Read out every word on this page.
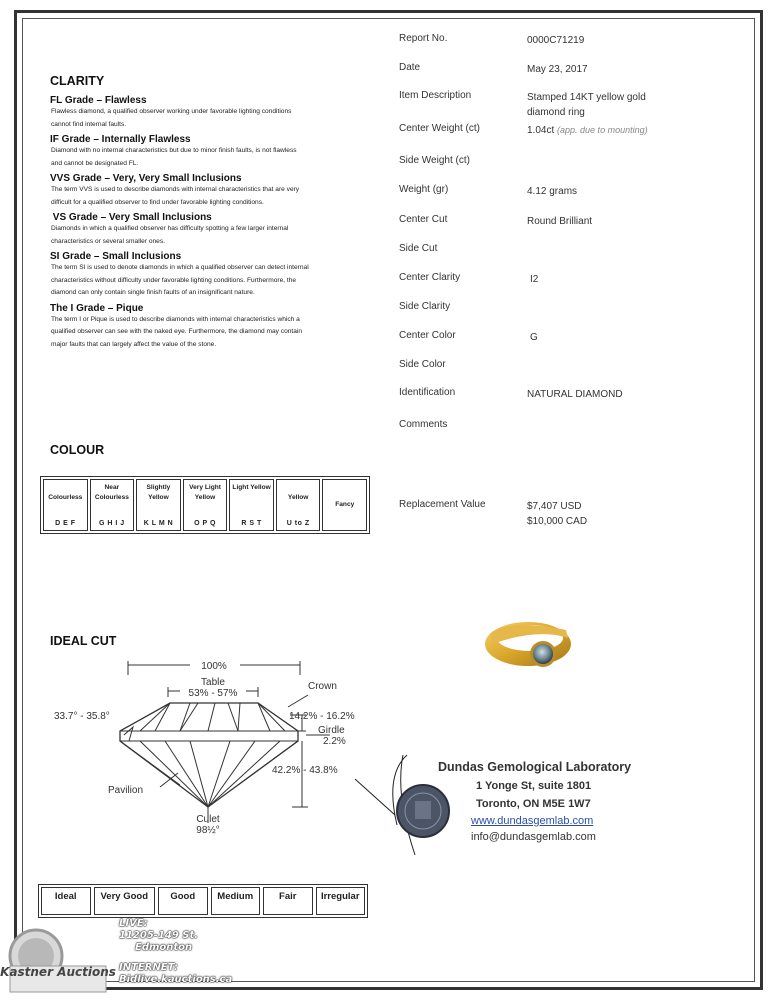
CLARITY
FL Grade – Flawless
Flawless diamond, a qualified observer working under favorable lighting conditions
cannot find internal faults.
IF Grade – Internally Flawless
Diamond with no internal characteristics but due to minor finish faults, is not flawless
and cannot be designated FL.
VVS Grade – Very, Very Small Inclusions
The term VVS is used to describe diamonds with internal characteristics that are very
difficult for a qualified observer to find under favorable lighting conditions.
VS Grade – Very Small Inclusions
Diamonds in which a qualified observer has difficulty spotting a few larger internal
characteristics or several smaller ones.
SI Grade – Small Inclusions
The term SI is used to denote diamonds in which a qualified observer can detect internal
characteristics without difficulty under favorable lighting conditions. Furthermore, the
diamond can only contain single finish faults of an insignificant nature.
The I Grade – Pique
The term I or Pique is used to describe diamonds with internal characteristics which a
qualified observer can see with the naked eye. Furthermore, the diamond may contain
major faults that can largely affect the value of the stone.
Report No.	0000C71219
Date	May 23, 2017
Item Description	Stamped 14KT yellow gold
diamond ring
Center Weight (ct)	1.04ct (app. due to mounting)
Side Weight (ct)
Weight (gr)	4.12 grams
Center Cut	Round Brilliant
Side Cut
Center Clarity	I2
Side Clarity
Center Color	G
Side Color
Identification	NATURAL DIAMOND
Comments
Replacement Value	$7,407 USD
$10,000 CAD
COLOUR
Colourless
D E F
Near Colourless
G H I J
Slightly Yellow
K L M N
Very Light Yellow
O P Q
Light Yellow
R S T
Yellow
U to Z
Fancy
IDEAL CUT
100%
Table
53% - 57%
Crown
33.7° - 35.8°	14.2% - 16.2%
Girdle
2.2%
42.2% - 43.8%
Pavilion
Culet
98½°
Dundas Gemological Laboratory
1 Yonge St, suite 1801
Toronto, ON M5E 1W7
www.dundasgemlab.com
info@dundasgemlab.com
Ideal	Very Good	Good	Medium	Fair	Irregular
Kastner Auctions
LIVE:
11205-149 St.
Edmonton
INTERNET:
Bidlive.kauctions.ca
